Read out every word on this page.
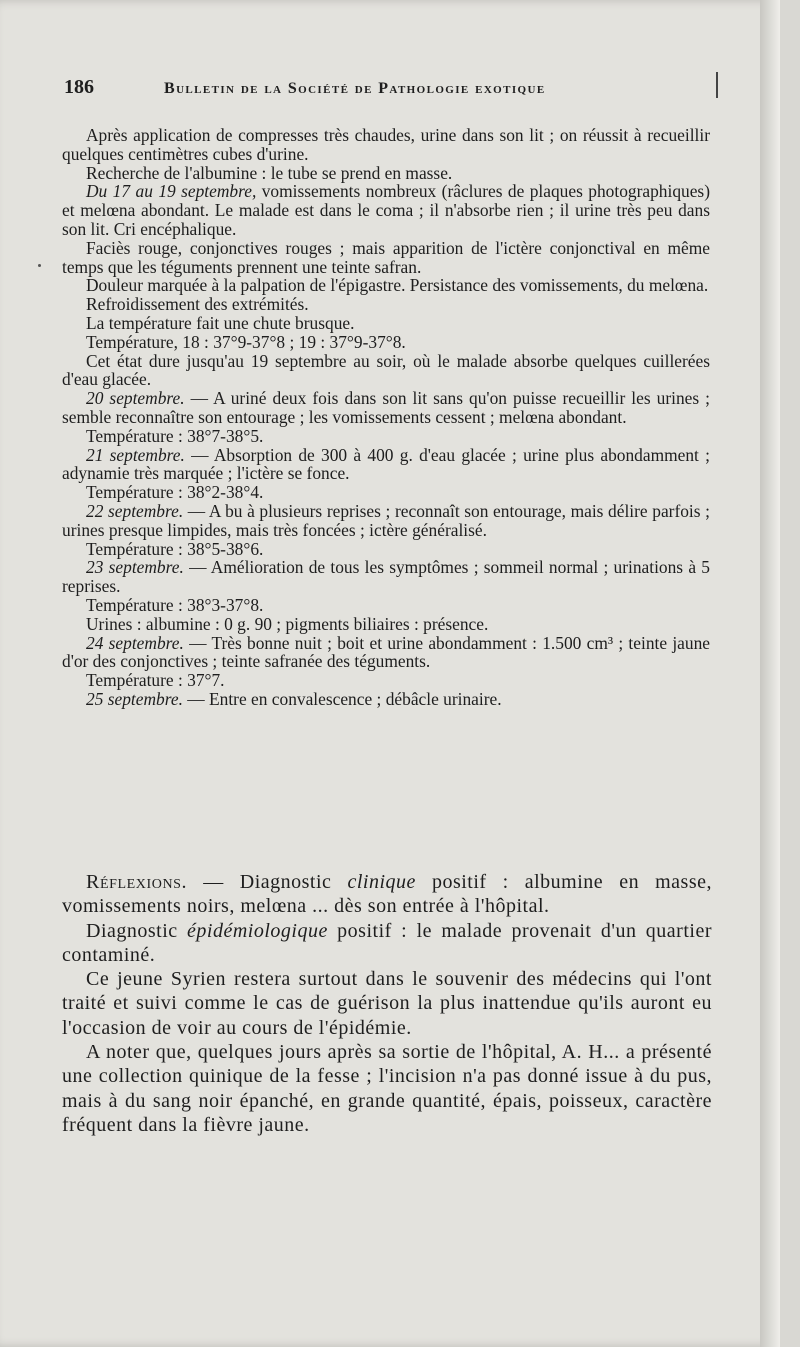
186	Bulletin de la Société de Pathologie exotique

Après application de compresses très chaudes, urine dans son lit ; on réussit à recueillir quelques centimètres cubes d'urine.

Recherche de l'albumine : le tube se prend en masse.

Du 17 au 19 septembre, vomissements nombreux (râclures de plaques photographiques) et melœna abondant. Le malade est dans le coma ; il n'absorbe rien ; il urine très peu dans son lit. Cri encéphalique.

Faciès rouge, conjonctives rouges ; mais apparition de l'ictère conjonctival en même temps que les téguments prennent une teinte safran.

Douleur marquée à la palpation de l'épigastre. Persistance des vomissements, du melœna.

Refroidissement des extrémités.

La température fait une chute brusque.

Température, 18 : 37°9-37°8 ; 19 : 37°9-37°8.

Cet état dure jusqu'au 19 septembre au soir, où le malade absorbe quelques cuillerées d'eau glacée.

20 septembre. — A uriné deux fois dans son lit sans qu'on puisse recueillir les urines ; semble reconnaître son entourage ; les vomissements cessent ; melœna abondant.

Température : 38°7-38°5.

21 septembre. — Absorption de 300 à 400 g. d'eau glacée ; urine plus abondamment ; adynamie très marquée ; l'ictère se fonce.

Température : 38°2-38°4.

22 septembre. — A bu à plusieurs reprises ; reconnaît son entourage, mais délire parfois ; urines presque limpides, mais très foncées ; ictère généralisé.

Température : 38°5-38°6.

23 septembre. — Amélioration de tous les symptômes ; sommeil normal ; urinations à 5 reprises.

Température : 38°3-37°8.

Urines : albumine : 0 g. 90 ; pigments biliaires : présence.

24 septembre. — Très bonne nuit ; boit et urine abondamment : 1.500 cm³ ; teinte jaune d'or des conjonctives ; teinte safranée des téguments.

Température : 37°7.

25 septembre. — Entre en convalescence ; débâcle urinaire.

Réflexions. — Diagnostic clinique positif : albumine en masse, vomissements noirs, melœna ... dès son entrée à l'hôpital.

Diagnostic épidémiologique positif : le malade provenait d'un quartier contaminé.

Ce jeune Syrien restera surtout dans le souvenir des médecins qui l'ont traité et suivi comme le cas de guérison la plus inattendue qu'ils auront eu l'occasion de voir au cours de l'épidémie.

A noter que, quelques jours après sa sortie de l'hôpital, A. H... a présenté une collection quinique de la fesse ; l'incision n'a pas donné issue à du pus, mais à du sang noir épanché, en grande quantité, épais, poisseux, caractère fréquent dans la fièvre jaune.
